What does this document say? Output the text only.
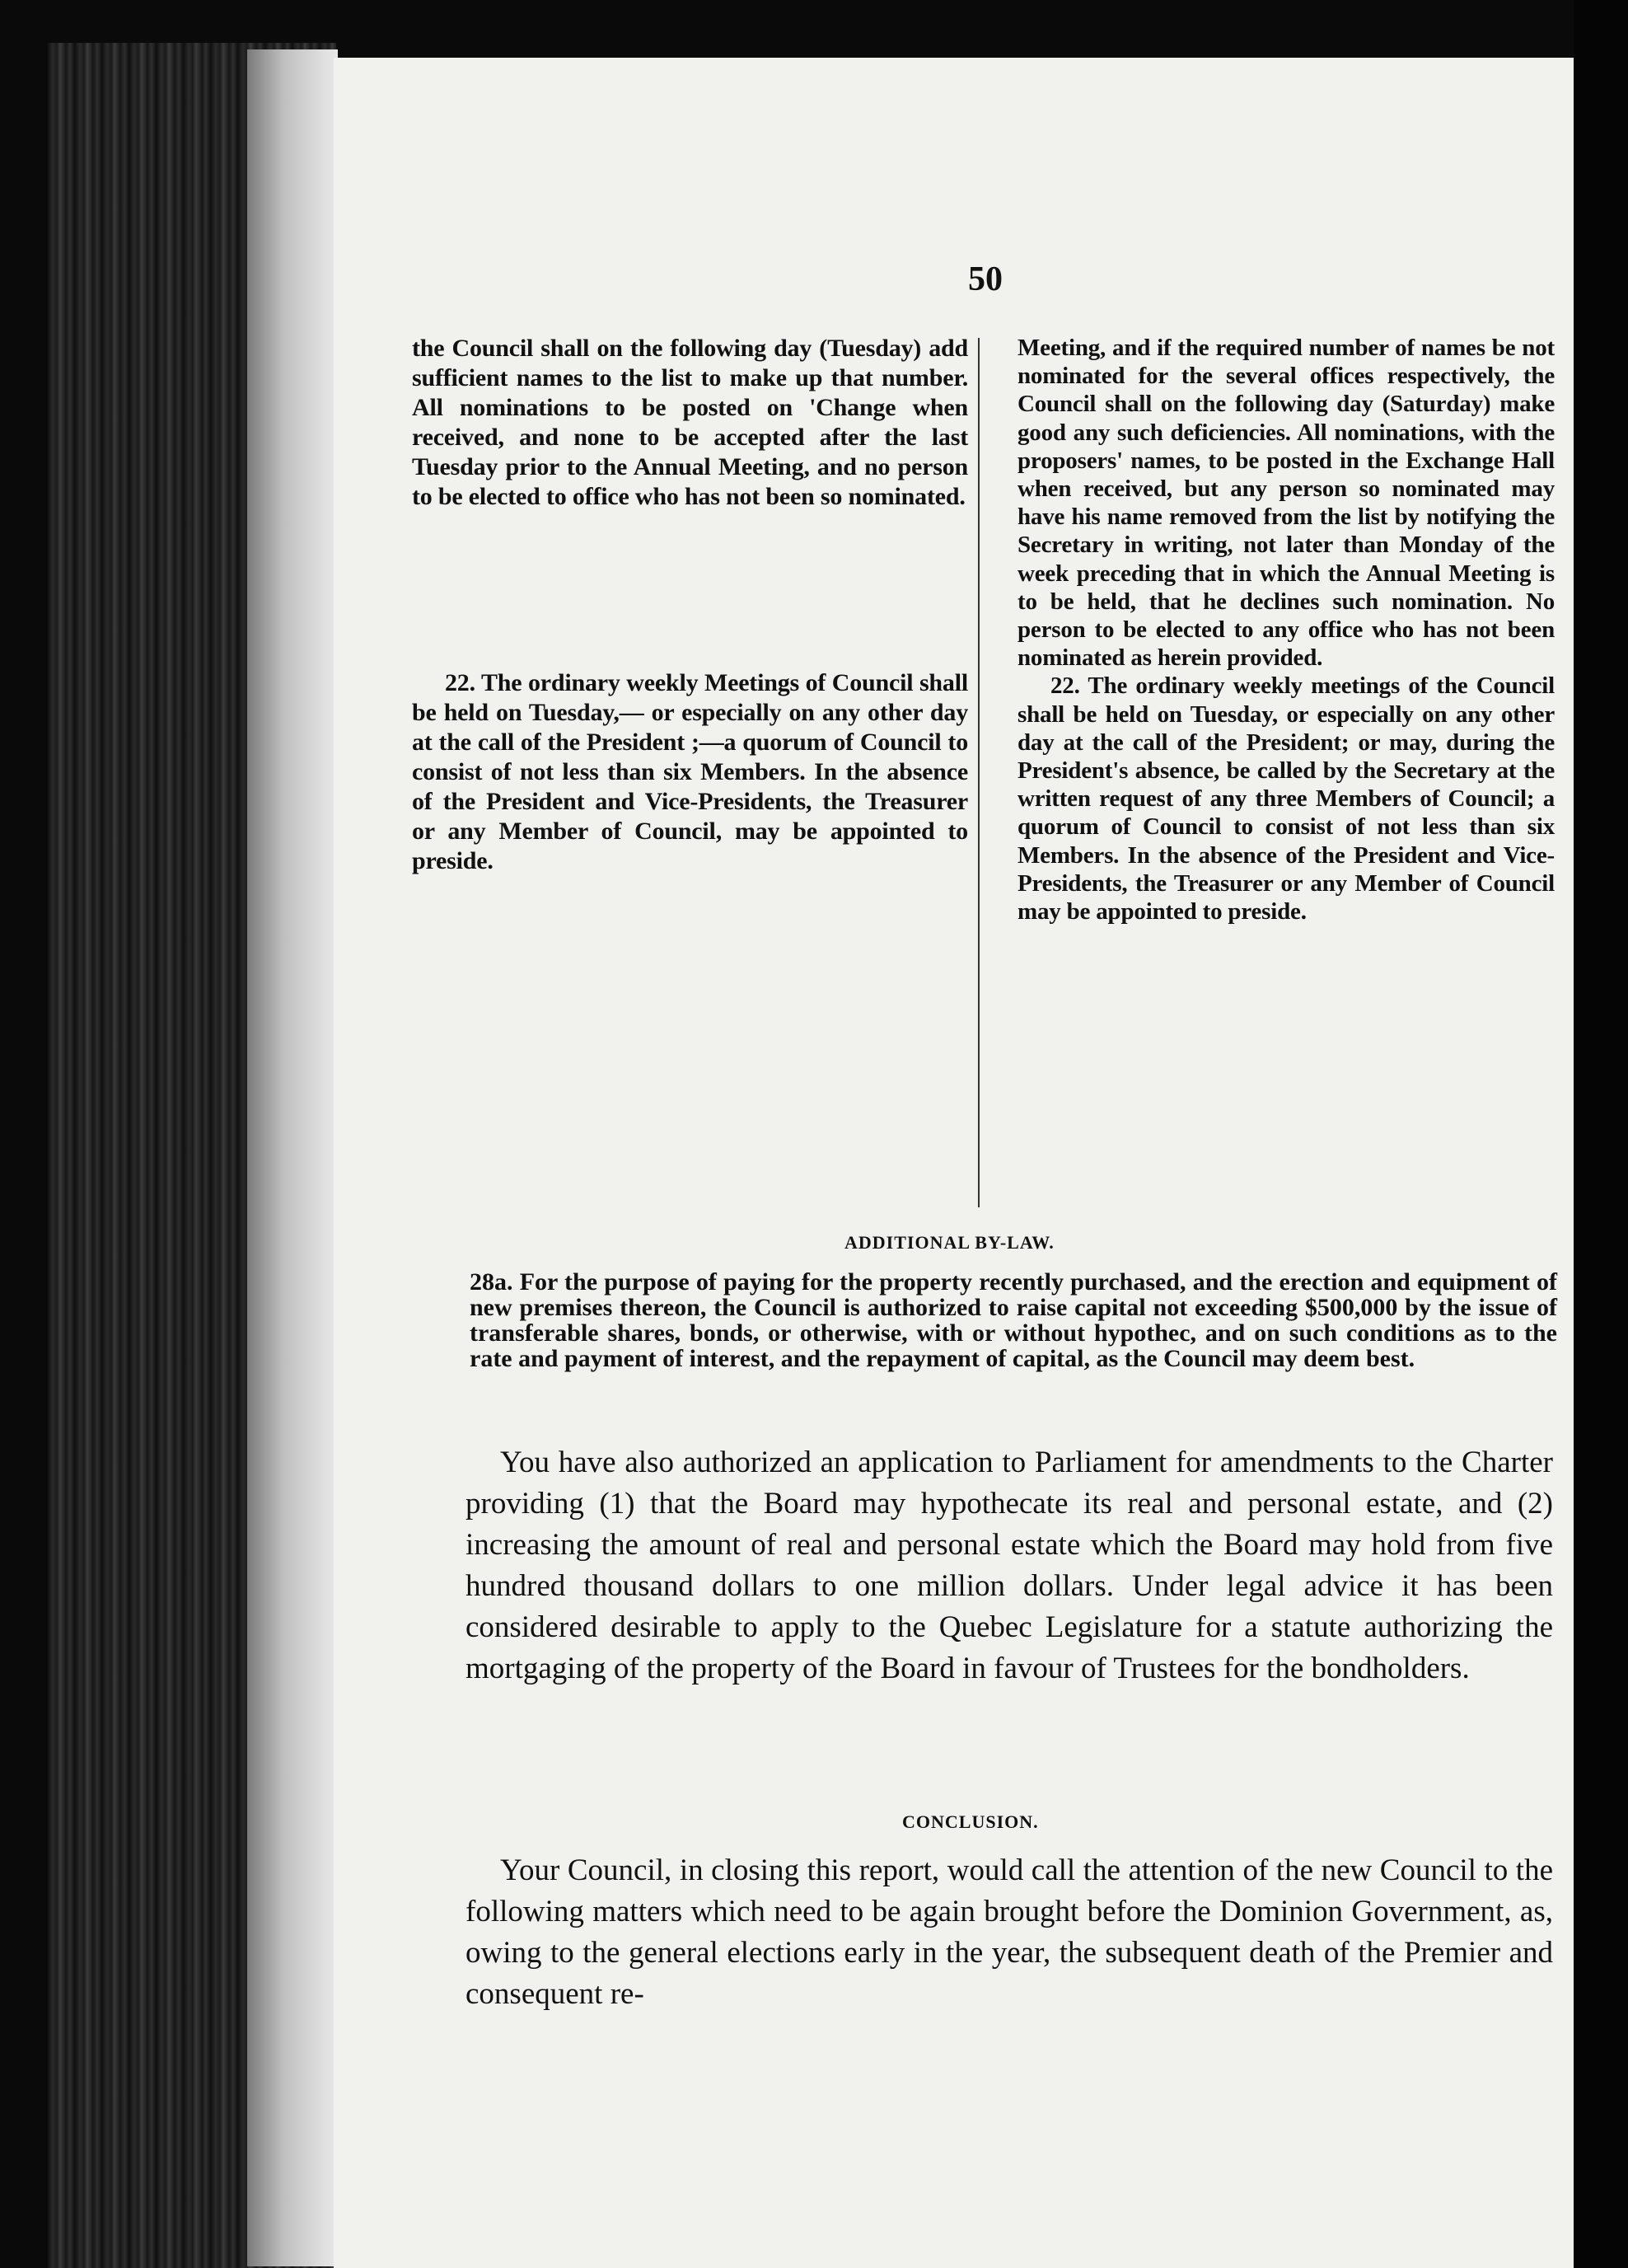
50

the Council shall on the following day (Tuesday) add sufficient names to the list to make up that number. All nominations to be posted on 'Change when received, and none to be accepted after the last Tuesday prior to the Annual Meeting, and no person to be elected to office who has not been so nominated.

22. The ordinary weekly Meetings of Council shall be held on Tuesday,— or especially on any other day at the call of the President ;—a quorum of Council to consist of not less than six Members. In the absence of the President and Vice-Presidents, the Treasurer or any Member of Council, may be appointed to preside.

Meeting, and if the required number of names be not nominated for the several offices respectively, the Council shall on the following day (Saturday) make good any such deficiencies. All nominations, with the proposers' names, to be posted in the Exchange Hall when received, but any person so nominated may have his name removed from the list by notifying the Secretary in writing, not later than Monday of the week preceding that in which the Annual Meeting is to be held, that he declines such nomination. No person to be elected to any office who has not been nominated as herein provided.

22. The ordinary weekly meetings of the Council shall be held on Tuesday, or especially on any other day at the call of the President; or may, during the President's absence, be called by the Secretary at the written request of any three Members of Council; a quorum of Council to consist of not less than six Members. In the absence of the President and Vice-Presidents, the Treasurer or any Member of Council may be appointed to preside.

ADDITIONAL BY-LAW.
28a. For the purpose of paying for the property recently purchased, and the erection and equipment of new premises thereon, the Council is authorized to raise capital not exceeding $500,000 by the issue of transferable shares, bonds, or otherwise, with or without hypothec, and on such conditions as to the rate and payment of interest, and the repayment of capital, as the Council may deem best.

You have also authorized an application to Parliament for amendments to the Charter providing (1) that the Board may hypothecate its real and personal estate, and (2) increasing the amount of real and personal estate which the Board may hold from five hundred thousand dollars to one million dollars. Under legal advice it has been considered desirable to apply to the Quebec Legislature for a statute authorizing the mortgaging of the property of the Board in favour of Trustees for the bondholders.

CONCLUSION.

Your Council, in closing this report, would call the attention of the new Council to the following matters which need to be again brought before the Dominion Government, as, owing to the general elections early in the year, the subsequent death of the Premier and consequent re-
